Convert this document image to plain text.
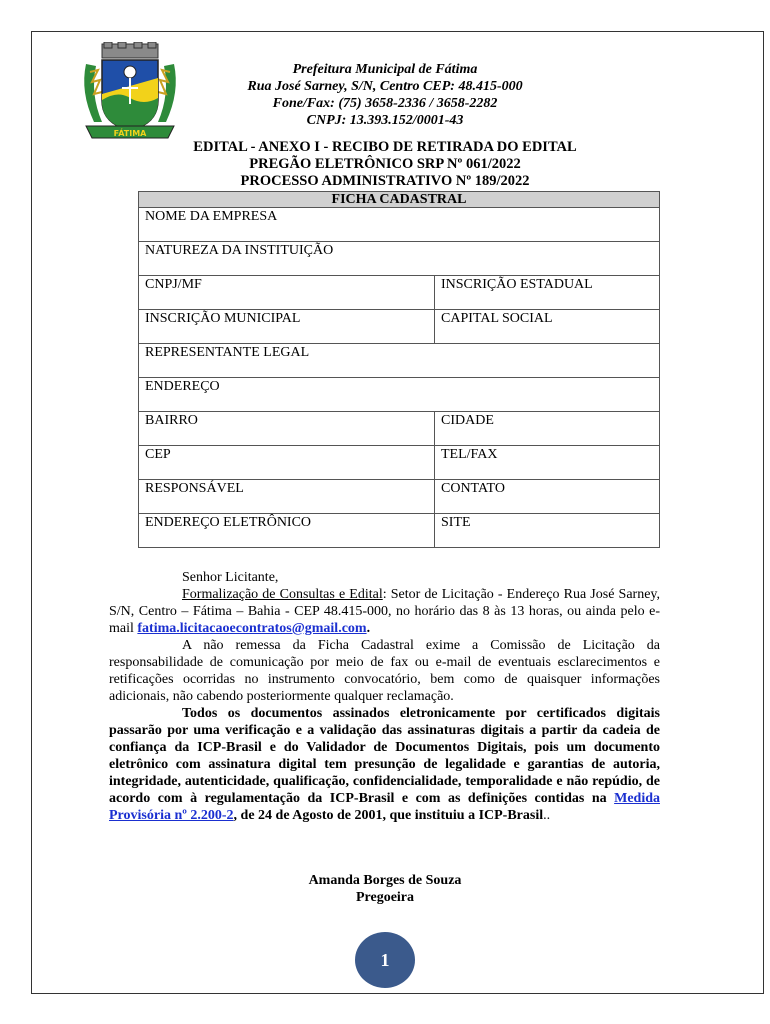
FÁTIMA
Prefeitura Municipal de Fátima
Rua José Sarney, S/N, Centro CEP: 48.415-000
Fone/Fax: (75) 3658-2336 / 3658-2282
CNPJ: 13.393.152/0001-43
EDITAL - ANEXO I - RECIBO DE RETIRADA DO EDITAL
PREGÃO ELETRÔNICO SRP Nº 061/2022
PROCESSO ADMINISTRATIVO Nº 189/2022
FICHA CADASTRAL	
NOME DA EMPRESA	
NATUREZA DA INSTITUIÇÃO	
CNPJ/MF	INSCRIÇÃO ESTADUAL
INSCRIÇÃO MUNICIPAL	CAPITAL SOCIAL
REPRESENTANTE LEGAL	
ENDEREÇO	
BAIRRO	CIDADE
CEP	TEL/FAX
RESPONSÁVEL	CONTATO
ENDEREÇO ELETRÔNICO	SITE
Senhor Licitante,
Formalização de Consultas e Edital: Setor de Licitação - Endereço Rua José Sarney, S/N, Centro – Fátima – Bahia - CEP 48.415-000, no horário das 8 às 13 horas, ou ainda pelo e-mail fatima.licitacaoecontratos@gmail.com.
A não remessa da Ficha Cadastral exime a Comissão de Licitação da responsabilidade de comunicação por meio de fax ou e-mail de eventuais esclarecimentos e retificações ocorridas no instrumento convocatório, bem como de quaisquer informações adicionais, não cabendo posteriormente qualquer reclamação.
Todos os documentos assinados eletronicamente por certificados digitais passarão por uma verificação e a validação das assinaturas digitais a partir da cadeia de confiança da ICP-Brasil e do Validador de Documentos Digitais, pois um documento eletrônico com assinatura digital tem presunção de legalidade e garantias de autoria, integridade, autenticidade, qualificação, confidencialidade, temporalidade e não repúdio, de acordo com à regulamentação da ICP-Brasil e com as definições contidas na Medida Provisória nº 2.200-2, de 24 de Agosto de 2001, que instituiu a ICP-Brasil..
Amanda Borges de Souza
Pregoeira
1
